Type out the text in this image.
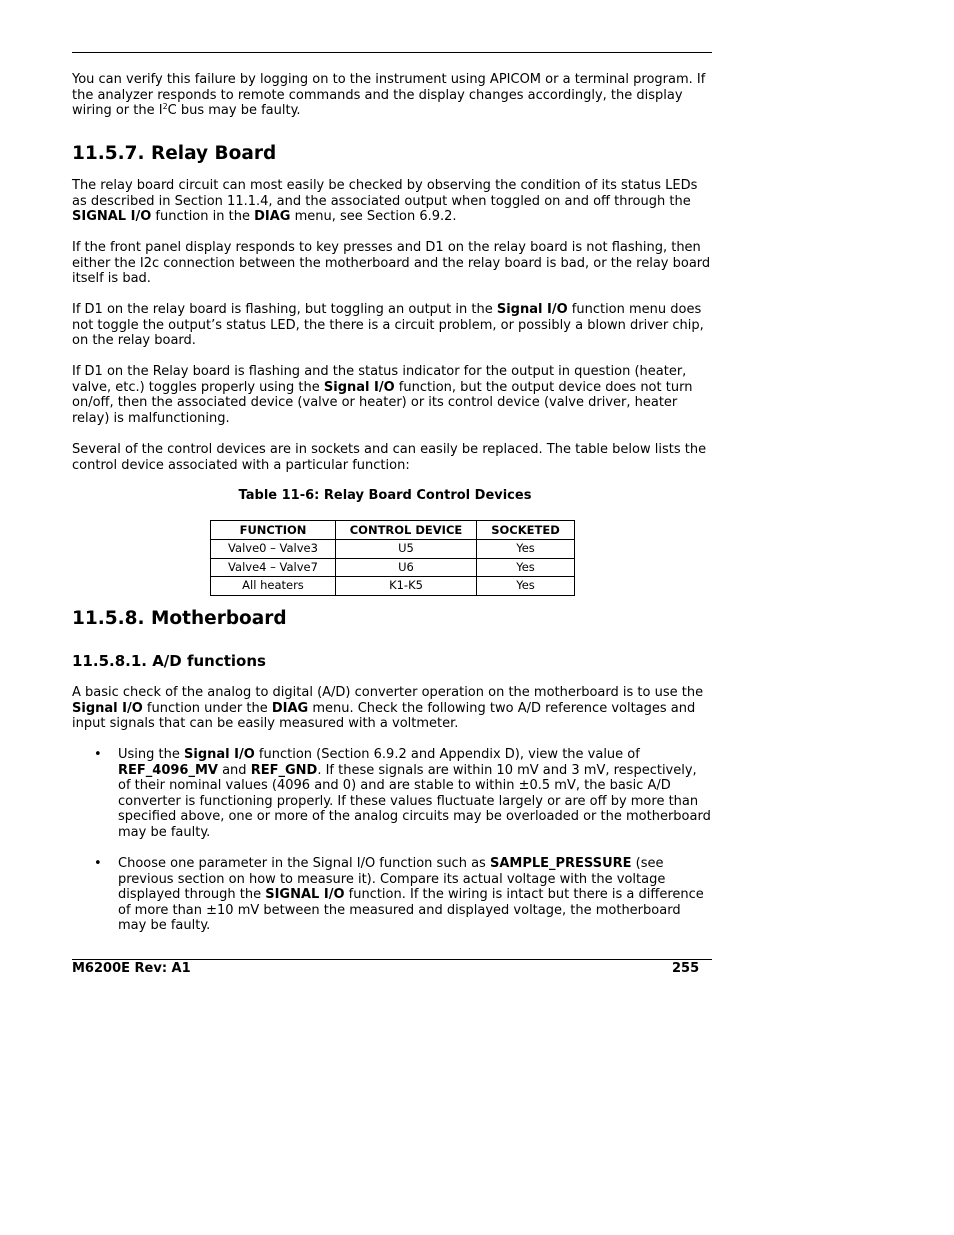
You can verify this failure by logging on to the instrument using APICOM or a terminal program. If the analyzer responds to remote commands and the display changes accordingly, the display wiring or the $I^2C$ bus may be faulty.

11.5.7. Relay Board

The relay board circuit can most easily be checked by observing the condition of its status LEDs as described in Section 11.1.4, and the associated output when toggled on and off through the SIGNAL I/O function in the DIAG menu, see Section 6.9.2.

If the front panel display responds to key presses and D1 on the relay board is not flashing, then either the I2c connection between the motherboard and the relay board is bad, or the relay board itself is bad.

If D1 on the relay board is flashing, but toggling an output in the Signal I/O function menu does not toggle the output’s status LED, the there is a circuit problem, or possibly a blown driver chip, on the relay board.

If D1 on the Relay board is flashing and the status indicator for the output in question (heater, valve, etc.) toggles properly using the Signal I/O function, but the output device does not turn on/off, then the associated device (valve or heater) or its control device (valve driver, heater relay) is malfunctioning.

Several of the control devices are in sockets and can easily be replaced. The table below lists the control device associated with a particular function:

Table 11-6: Relay Board Control Devices
FUNCTION	CONTROL DEVICE	SOCKETED
Valve0 – Valve3	U5	Yes
Valve4 – Valve7	U6	Yes
All heaters	K1-K5	Yes
11.5.8. Motherboard
11.5.8.1. A/D functions

A basic check of the analog to digital (A/D) converter operation on the motherboard is to use the Signal I/O function under the DIAG menu. Check the following two A/D reference voltages and input signals that can be easily measured with a voltmeter.

• Using the Signal I/O function (Section 6.9.2 and Appendix D), view the value of REF_4096_MV and REF_GND. If these signals are within 10 mV and 3 mV, respectively, of their nominal values (4096 and 0) and are stable to within ±0.5 mV, the basic A/D converter is functioning properly. If these values fluctuate largely or are off by more than specified above, one or more of the analog circuits may be overloaded or the motherboard may be faulty.
• Choose one parameter in the Signal I/O function such as SAMPLE_PRESSURE (see previous section on how to measure it). Compare its actual voltage with the voltage displayed through the SIGNAL I/O function. If the wiring is intact but there is a difference of more than ±10 mV between the measured and displayed voltage, the motherboard may be faulty.
M6200E Rev: A1	255
